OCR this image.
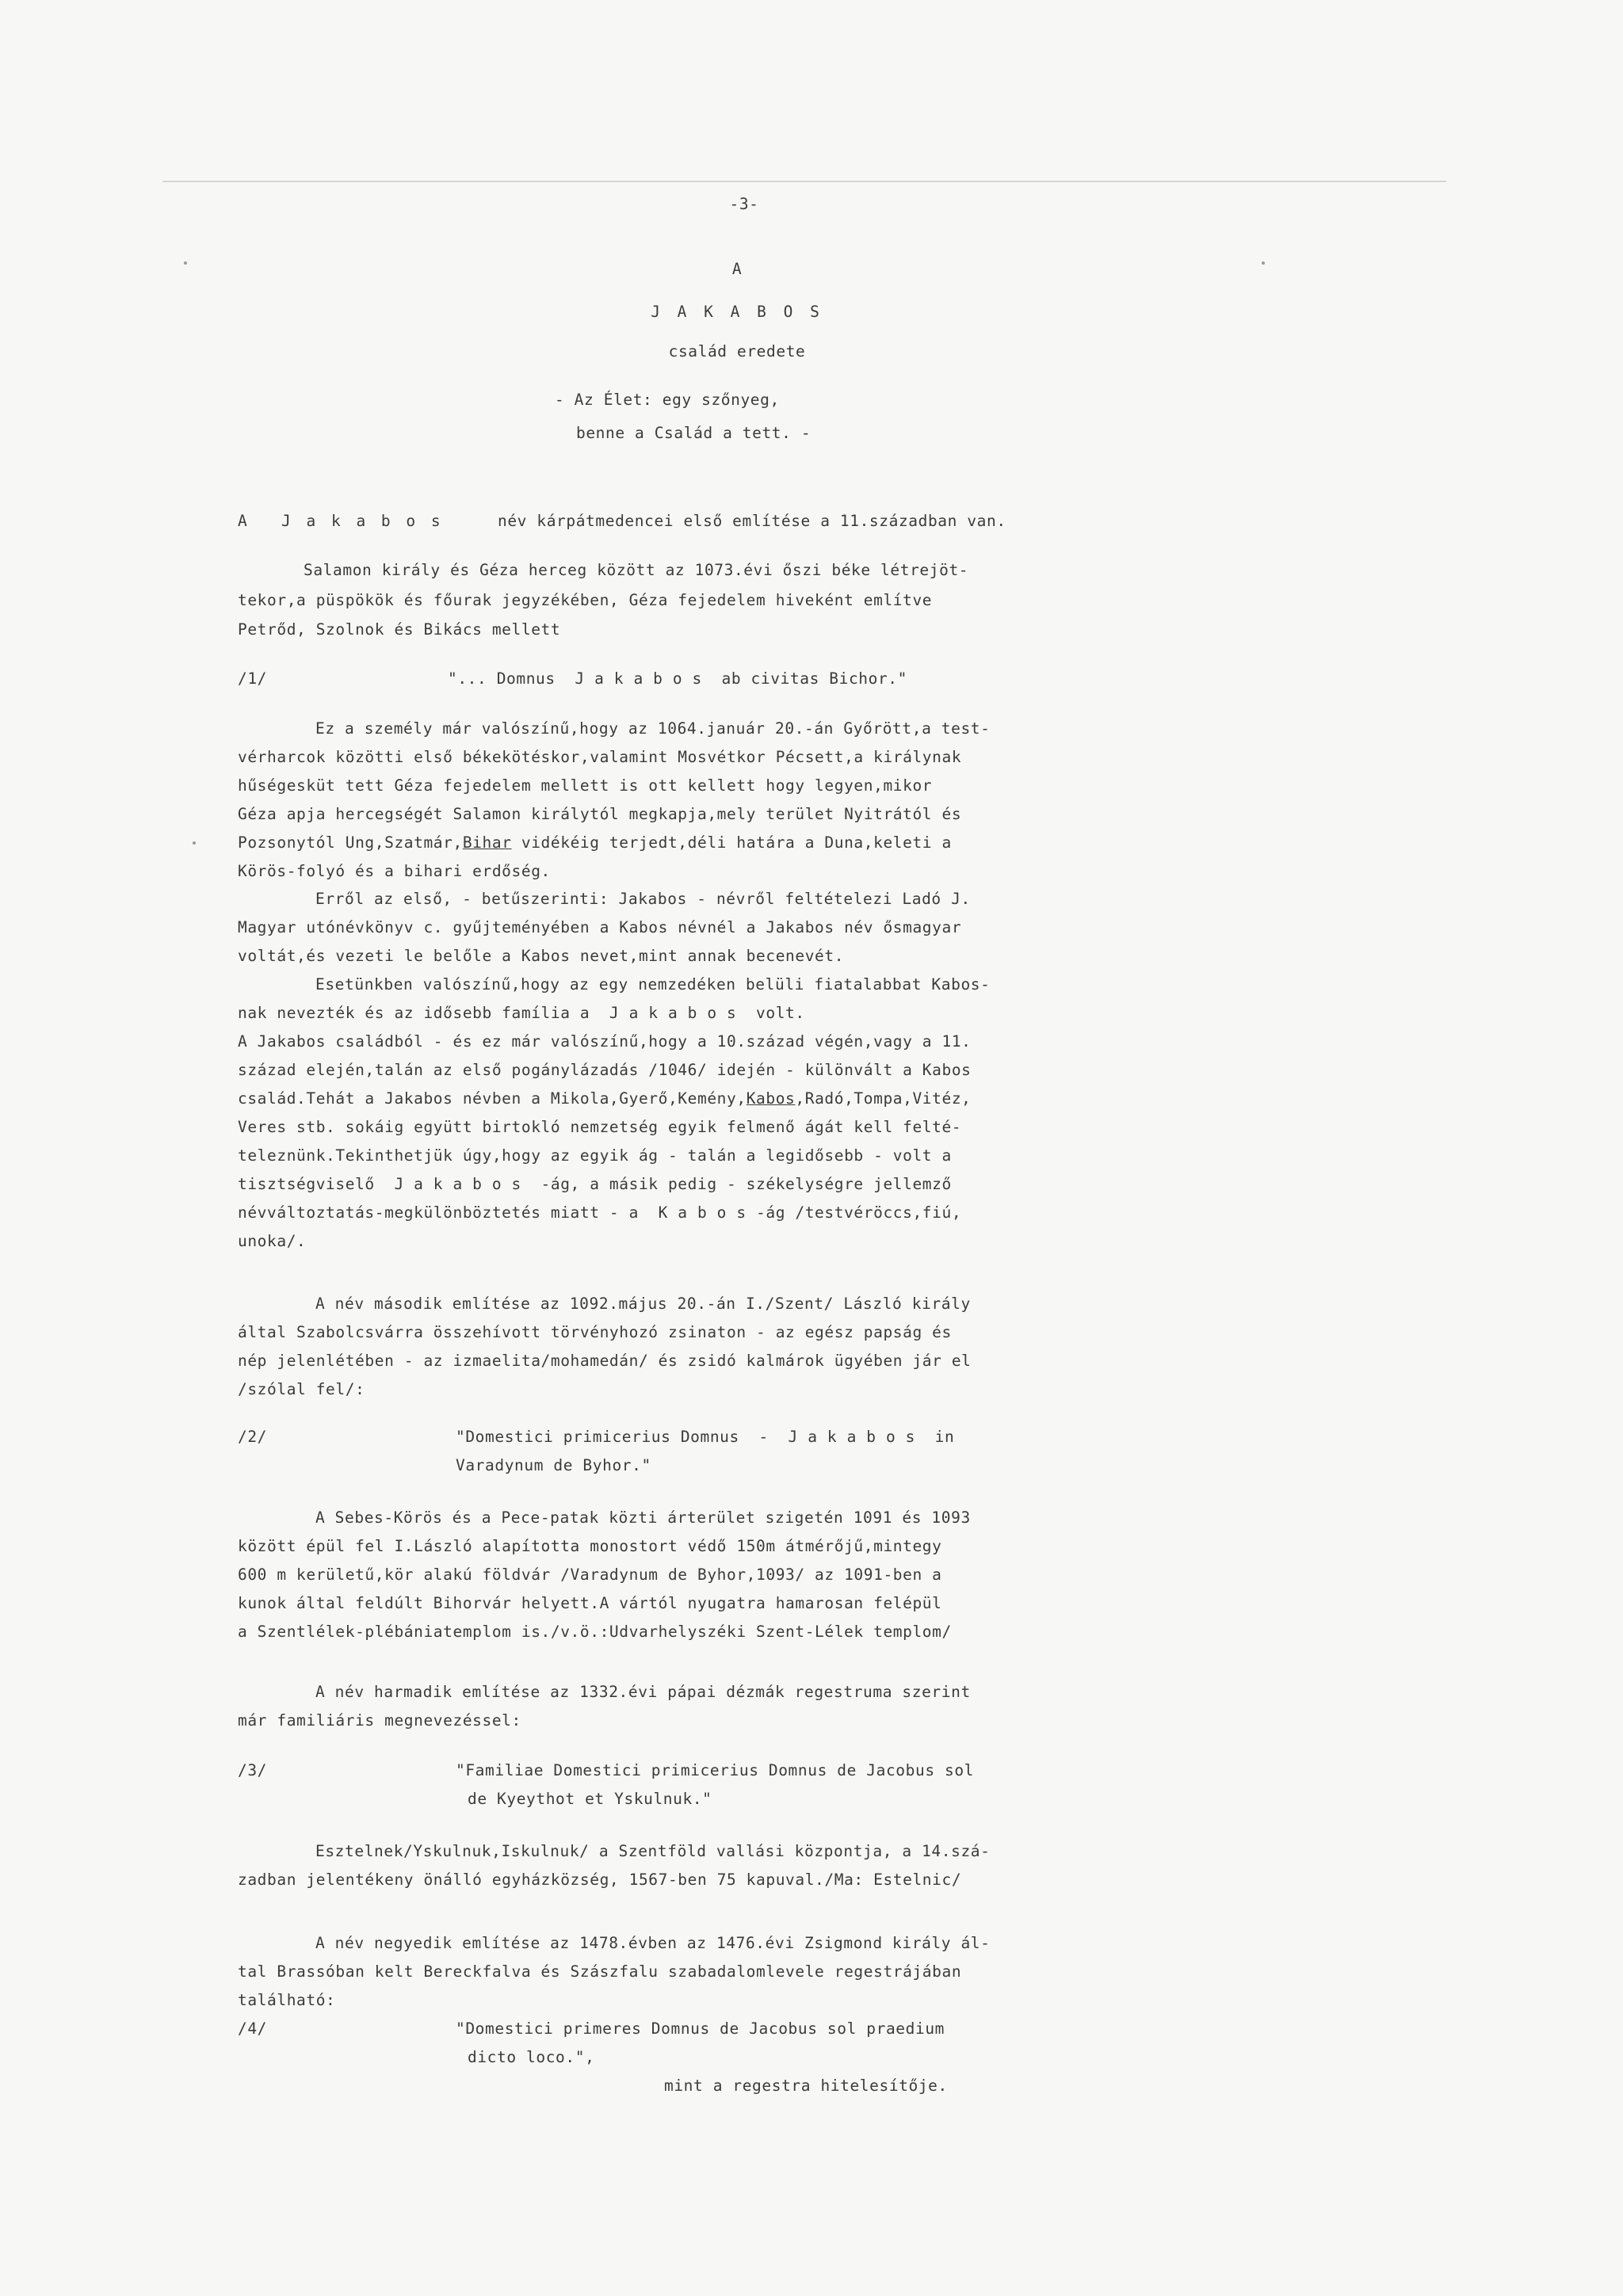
-3-
A
J A K A B O S
család eredete
- Az Élet: egy szőnyeg,
benne a Család a tett. -
A J a k a b o s	név kárpátmedencei első említése a 11.században van.
Salamon király és Géza herceg között az 1073.évi őszi béke létrejöt-
tekor,a püspökök és főurak jegyzékében, Géza fejedelem hiveként említve
Petrőd, Szolnok és Bikács mellett
/1/	"... Domnus  J a k a b o s  ab civitas Bichor."
Ez a személy már valószínű,hogy az 1064.január 20.-án Győrött,a test-
vérharcok közötti első békekötéskor,valamint Mosvétkor Pécsett,a királynak
hűségesküt tett Géza fejedelem mellett is ott kellett hogy legyen,mikor
Géza apja hercegségét Salamon királytól megkapja,mely terület Nyitrától és
Pozsonytól Ung,Szatmár,Bihar vidékéig terjedt,déli határa a Duna,keleti a
Körös-folyó és a bihari erdőség.
Erről az első, - betűszerinti: Jakabos - névről feltételezi Ladó J.
Magyar utónévkönyv c. gyűjteményében a Kabos névnél a Jakabos név ősmagyar
voltát,és vezeti le belőle a Kabos nevet,mint annak becenevét.
Esetünkben valószínű,hogy az egy nemzedéken belüli fiatalabbat Kabos-
nak nevezték és az idősebb família a  J a k a b o s  volt.
A Jakabos családból - és ez már valószínű,hogy a 10.század végén,vagy a 11.
század elején,talán az első pogánylázadás /1046/ idején - különvált a Kabos
család.Tehát a Jakabos névben a Mikola,Gyerő,Kemény,Kabos,Radó,Tompa,Vitéz,
Veres stb. sokáig együtt birtokló nemzetség egyik felmenő ágát kell felté-
teleznünk.Tekinthetjük úgy,hogy az egyik ág - talán a legidősebb - volt a
tisztségviselő  J a k a b o s  -ág, a másik pedig - székelységre jellemző
névváltoztatás-megkülönböztetés miatt - a  K a b o s -ág /testvéröccs,fiú,
unoka/.
A név második említése az 1092.május 20.-án I./Szent/ László király
által Szabolcsvárra összehívott törvényhozó zsinaton - az egész papság és
nép jelenlétében - az izmaelita/mohamedán/ és zsidó kalmárok ügyében jár el
/szólal fel/:
/2/	"Domestici primicerius Domnus  -  J a k a b o s  in
Varadynum de Byhor."
A Sebes-Körös és a Pece-patak közti árterület szigetén 1091 és 1093
között épül fel I.László alapította monostort védő 150m átmérőjű,mintegy
600 m kerületű,kör alakú földvár /Varadynum de Byhor,1093/ az 1091-ben a
kunok által feldúlt Bihorvár helyett.A vártól nyugatra hamarosan felépül
a Szentlélek-plébániatemplom is./v.ö.:Udvarhelyszéki Szent-Lélek templom/
A név harmadik említése az 1332.évi pápai dézmák regestruma szerint
már familiáris megnevezéssel:
/3/	"Familiae Domestici primicerius Domnus de Jacobus sol
de Kyeythot et Yskulnuk."
Esztelnek/Yskulnuk,Iskulnuk/ a Szentföld vallási központja, a 14.szá-
zadban jelentékeny önálló egyházközség, 1567-ben 75 kapuval./Ma: Estelnic/
A név negyedik említése az 1478.évben az 1476.évi Zsigmond király ál-
tal Brassóban kelt Bereckfalva és Szászfalu szabadalomlevele regestrájában
található:
/4/	"Domestici primeres Domnus de Jacobus sol praedium
dicto loco.",
mint a regestra hitelesítője.
